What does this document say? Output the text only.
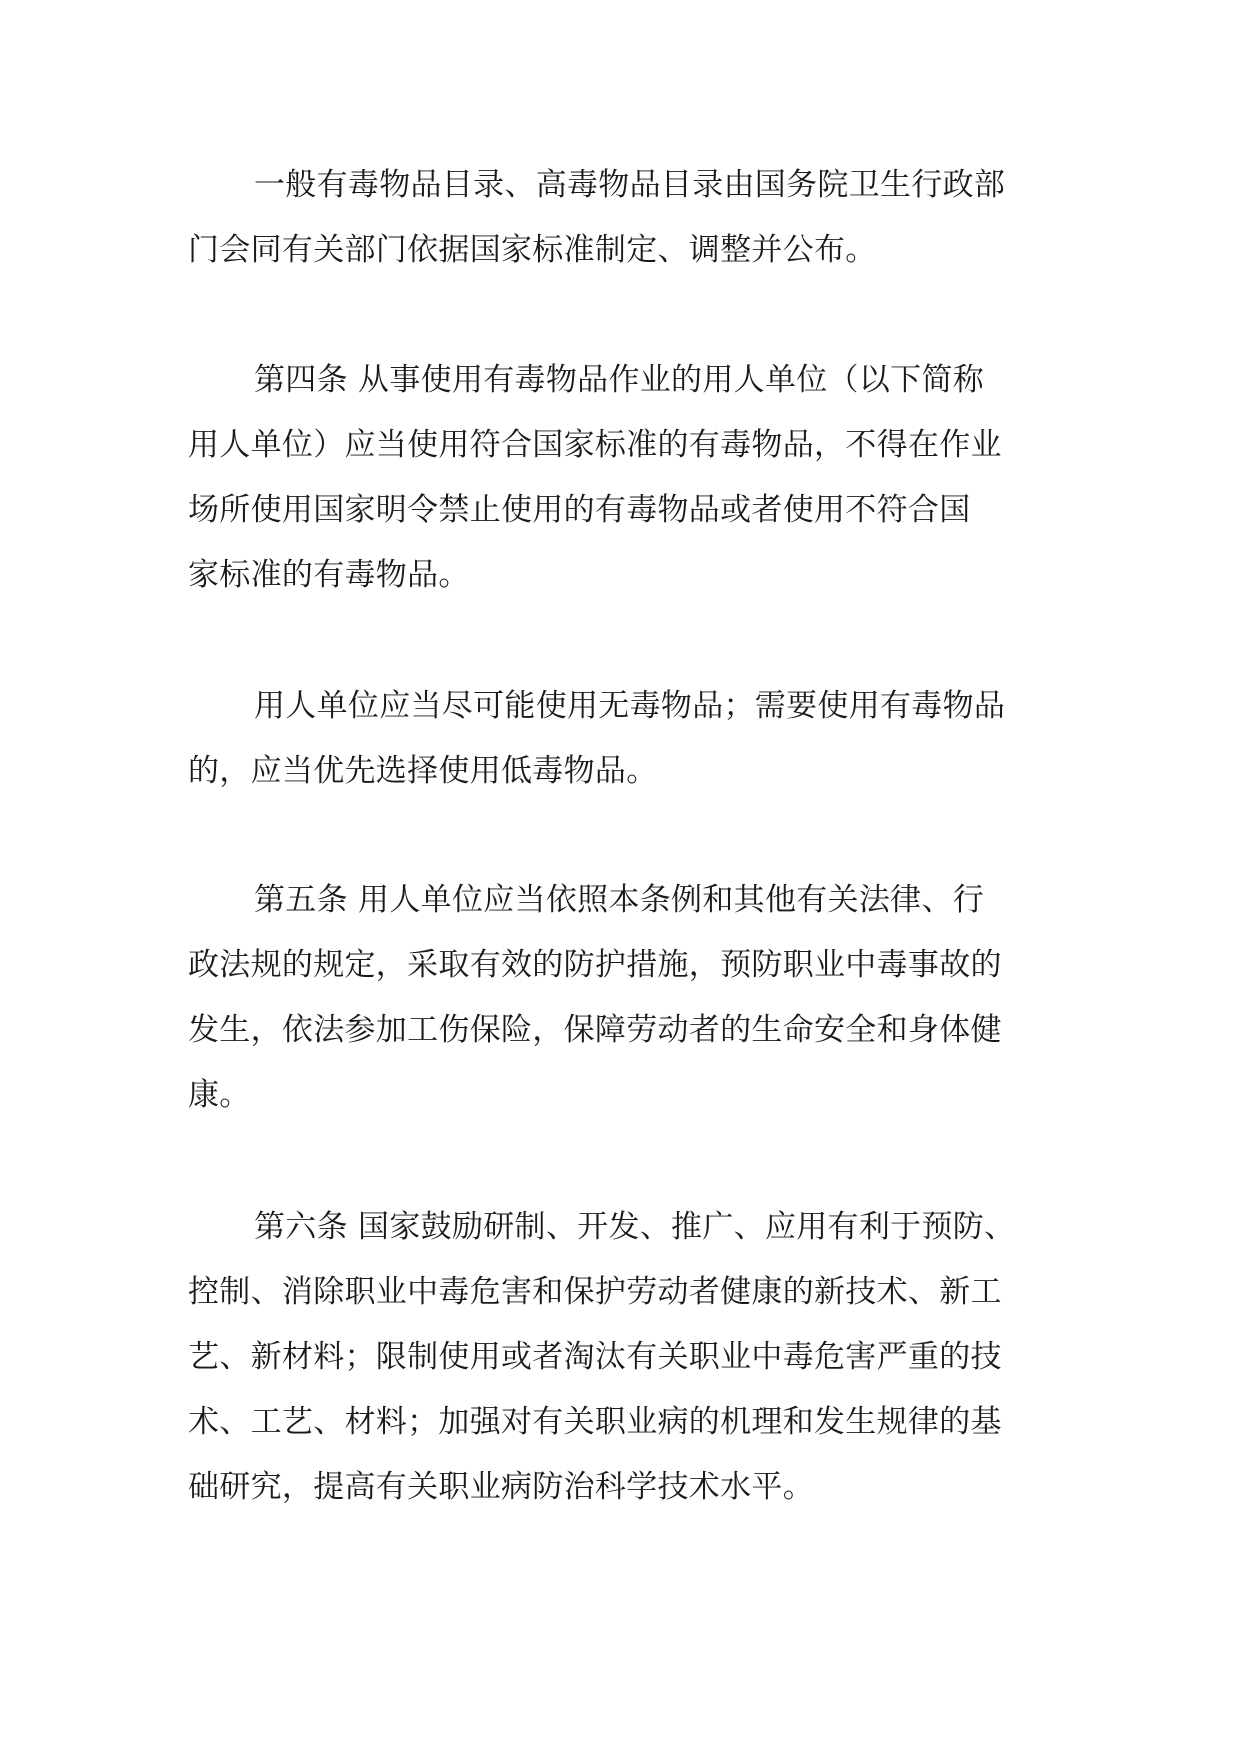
一般有毒物品目录、高毒物品目录由国务院卫生行政部
门会同有关部门依据国家标准制定、调整并公布。

第四条 从事使用有毒物品作业的用人单位（以下简称
用人单位）应当使用符合国家标准的有毒物品，不得在作业
场所使用国家明令禁止使用的有毒物品或者使用不符合国
家标准的有毒物品。

用人单位应当尽可能使用无毒物品；需要使用有毒物品
的，应当优先选择使用低毒物品。

第五条 用人单位应当依照本条例和其他有关法律、行
政法规的规定，采取有效的防护措施，预防职业中毒事故的
发生，依法参加工伤保险，保障劳动者的生命安全和身体健
康。

第六条 国家鼓励研制、开发、推广、应用有利于预防、
控制、消除职业中毒危害和保护劳动者健康的新技术、新工
艺、新材料；限制使用或者淘汰有关职业中毒危害严重的技
术、工艺、材料；加强对有关职业病的机理和发生规律的基
础研究，提高有关职业病防治科学技术水平。
